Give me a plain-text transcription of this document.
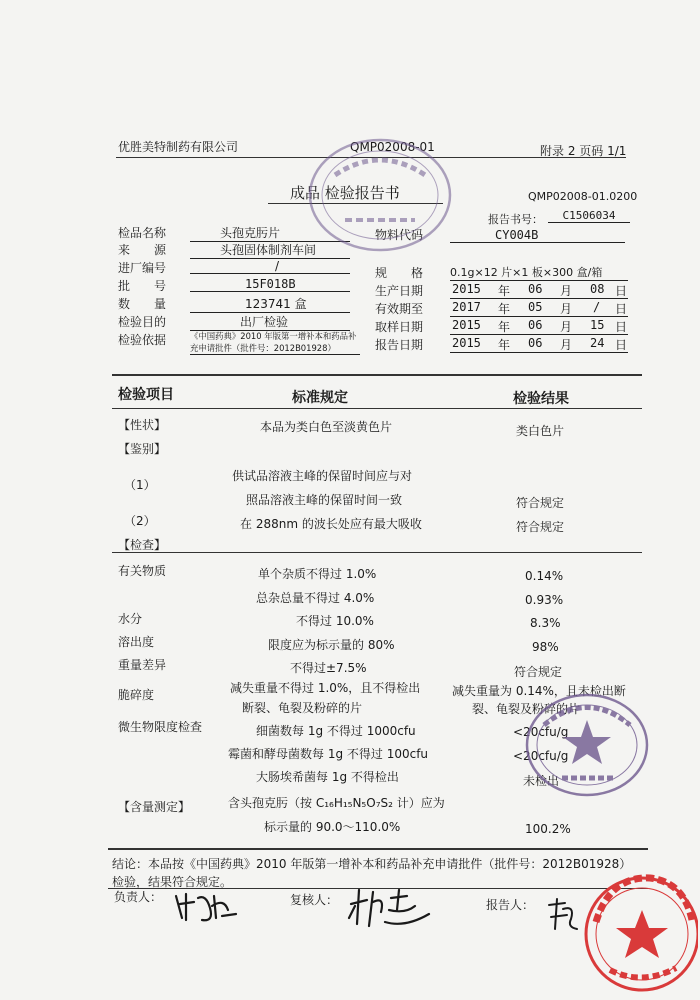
优胜美特制药有限公司	QMP02008-01	附录 2 页码 1/1
成品 检验报告书	QMP02008-01.0200
报告书号：	C1506034
检品名称	头孢克肟片
来　　源	头孢固体制剂车间
进厂编号	/
批　　号	15F018B
数　　量	123741 盒
检验目的	出厂检验
检验依据	《中国药典》2010 年版第一增补本和药品补充申请批件（批件号：2012B01928）
物料代码	CY004B
规　　格 0.1g×12 片×1 板×300 盒/箱
生产日期 2015 年 06 月 08 日
有效期至 2017 年 05 月 / 日
取样日期 2015 年 06 月 15 日
报告日期 2015 年 06 月 24 日
检验项目	标准规定	检验结果
【性状】	本品为类白色至淡黄色片	类白色片
【鉴别】
（1）
供试品溶液主峰的保留时间应与对
照品溶液主峰的保留时间一致	符合规定
（2）	在 288nm 的波长处应有最大吸收	符合规定
【检查】
有关物质	单个杂质不得过 1.0%	0.14%
总杂总量不得过 4.0%	0.93%
水分	不得过 10.0%	8.3%
溶出度	限度应为标示量的 80%	98%
重量差异	不得过±7.5%	符合规定
脆碎度	减失重量不得过 1.0%，且不得检出	减失重量为 0.14%，且未检出断
断裂、龟裂及粉碎的片	裂、龟裂及粉碎的片
微生物限度检查	细菌数每 1g 不得过 1000cfu	<20cfu/g
霉菌和酵母菌数每 1g 不得过 100cfu	<20cfu/g
大肠埃希菌每 1g 不得检出	未检出
【含量测定】	含头孢克肟（按 C₁₆H₁₅N₅O₇S₂ 计）应为
标示量的 90.0～110.0%	100.2%
结论：本品按《中国药典》2010 年版第一增补本和药品补充申请批件（批件号：2012B01928）
检验，结果符合规定。
负责人：	复核人：	报告人：
